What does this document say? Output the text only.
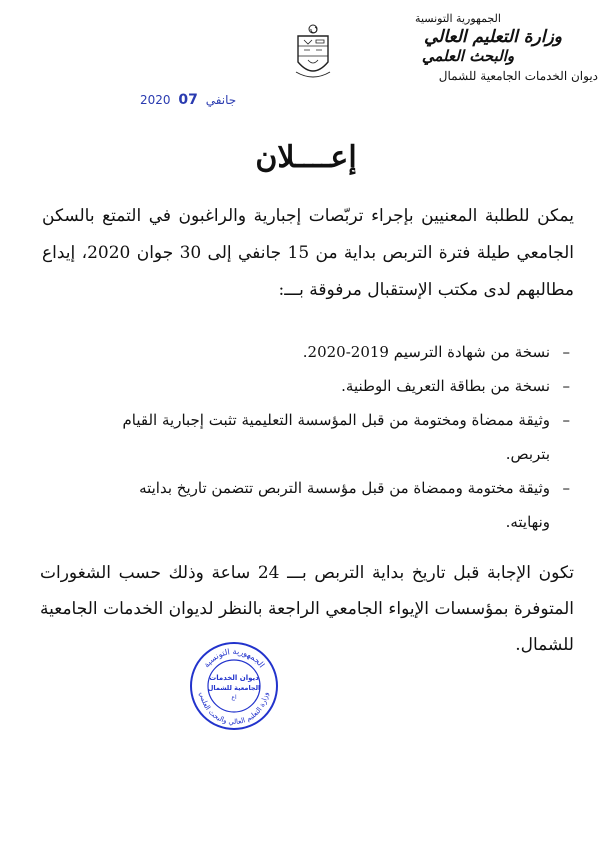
الجمهورية التونسية
وزارة التعليم العالي
والبحث العلمي
ديوان الخدمات الجامعية للشمال
2020	جانفي 07
إعــــلان
يمكن للطلبة المعنيين بإجراء تربّصات إجبارية والراغبون في التمتع بالسكن الجامعي طيلة فترة التربص بداية من 15 جانفي إلى 30 جوان 2020، إيداع مطالبهم لدى مكتب الإستقبال مرفوقة بـــ:
–نسخة من شهادة الترسيم 2019-2020.
–نسخة من بطاقة التعريف الوطنية.
–وثيقة ممضاة ومختومة من قبل المؤسسة التعليمية تثبت إجبارية القيام
بتربص.
–وثيقة مختومة وممضاة من قبل مؤسسة التربص تتضمن تاريخ بدايته
ونهايته.
تكون الإجابة قبل تاريخ بداية التربص بـــ 24 ساعة وذلك حسب الشغورات المتوفرة بمؤسسات الإيواء الجامعي الراجعة بالنظر لديوان الخدمات الجامعية للشمال.
الجمهورية التونسية
وزارة التعليم العالي والبحث العلمي
ديوان الخدمات
الجامعية للشمال
اع
